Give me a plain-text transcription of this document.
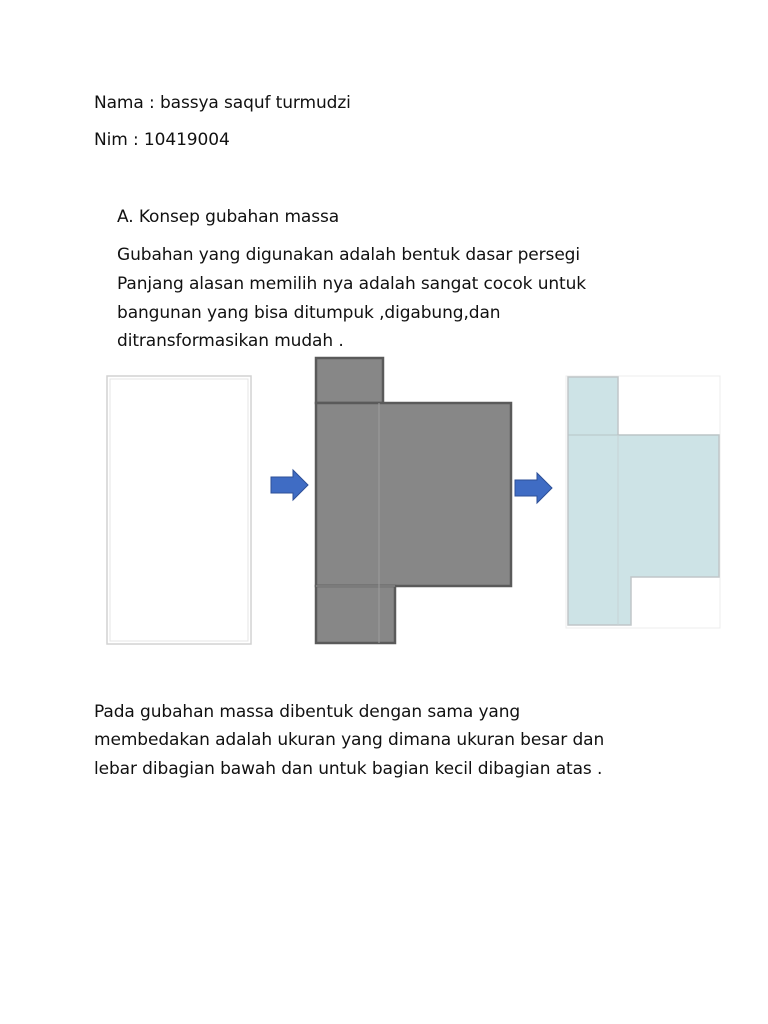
Nama : bassya saquf turmudzi
Nim : 10419004
A. Konsep gubahan massa
Gubahan yang digunakan adalah bentuk dasar persegi
Panjang alasan memilih nya adalah sangat cocok untuk
bangunan yang bisa ditumpuk ,digabung,dan
ditransformasikan mudah .
Pada gubahan massa dibentuk dengan sama yang
membedakan adalah ukuran yang dimana ukuran besar dan
lebar dibagian bawah dan untuk bagian kecil dibagian atas .
